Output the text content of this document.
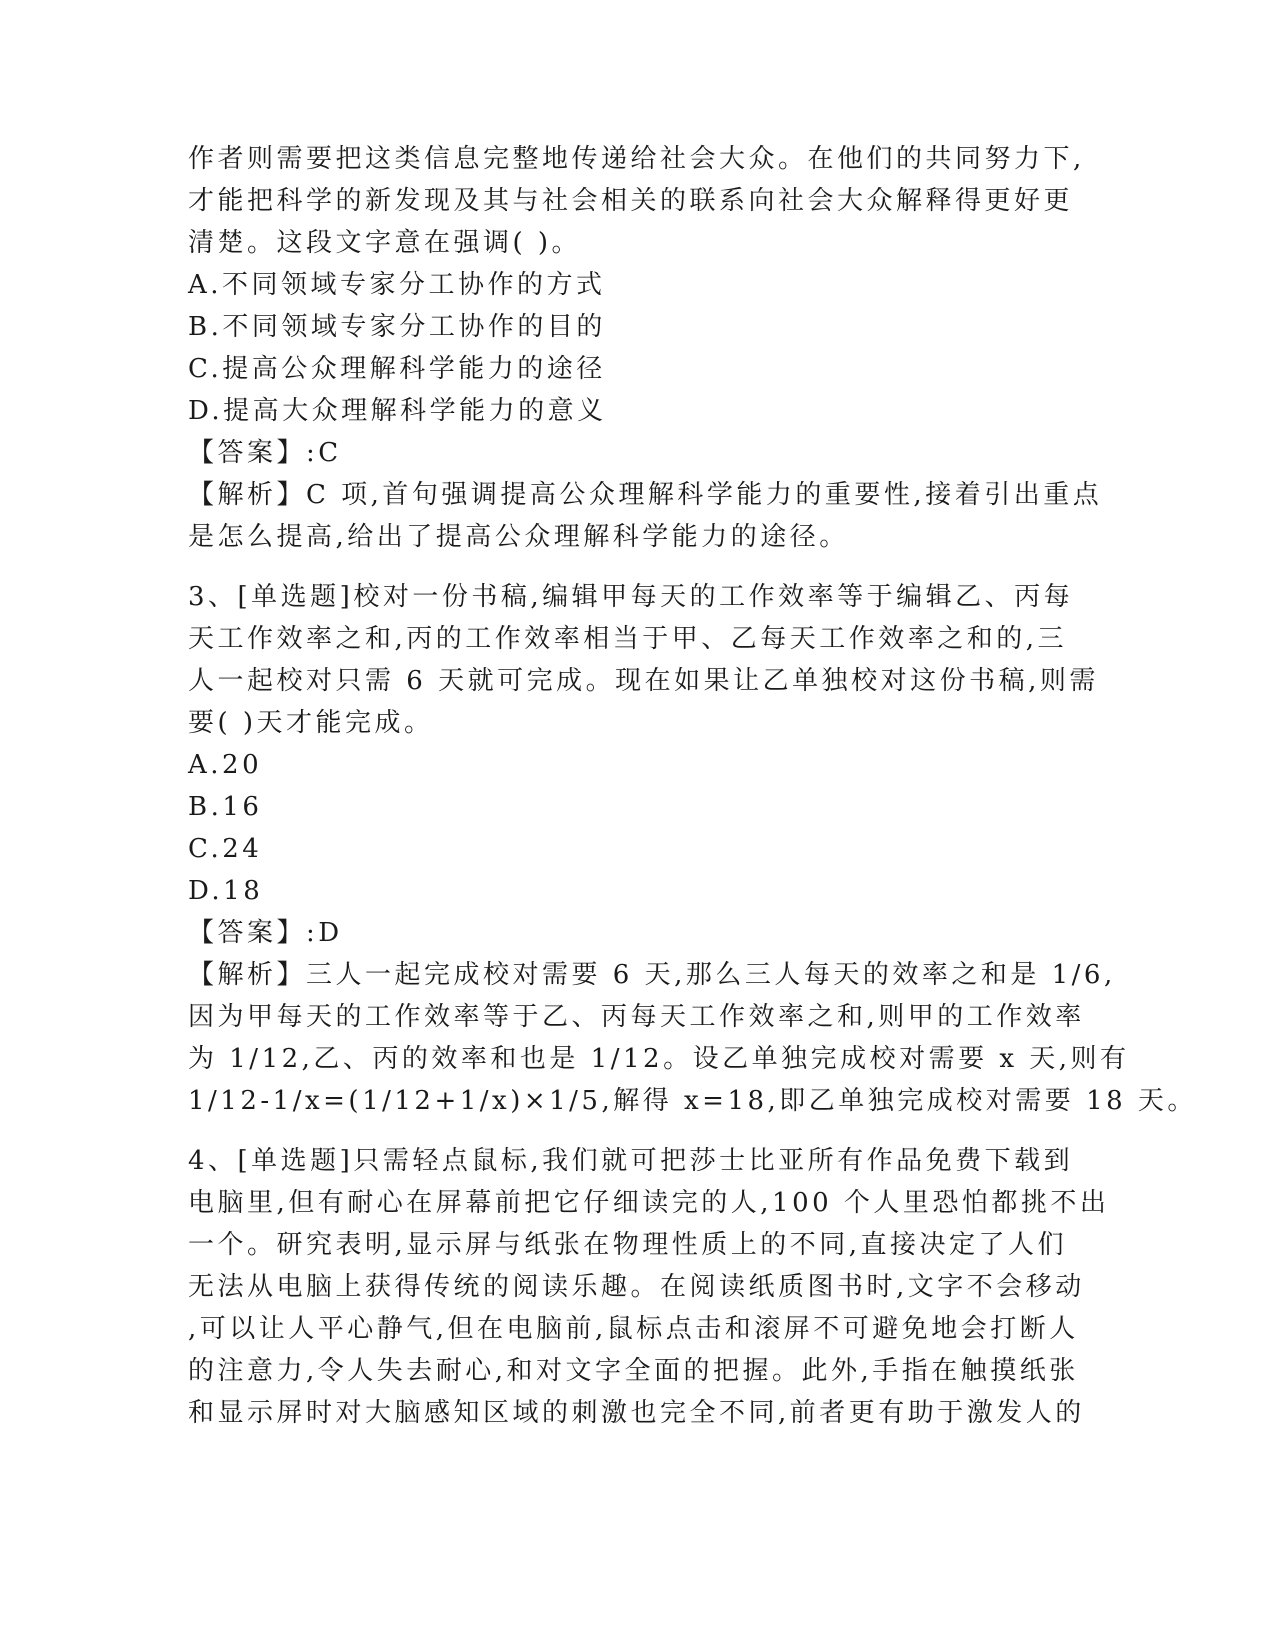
作者则需要把这类信息完整地传递给社会大众。在他们的共同努力下,
才能把科学的新发现及其与社会相关的联系向社会大众解释得更好更
清楚。这段文字意在强调( )。
A.不同领域专家分工协作的方式
B.不同领域专家分工协作的目的
C.提高公众理解科学能力的途径
D.提高大众理解科学能力的意义
【答案】:C
【解析】C 项,首句强调提高公众理解科学能力的重要性,接着引出重点
是怎么提高,给出了提高公众理解科学能力的途径。
3、[单选题]校对一份书稿,编辑甲每天的工作效率等于编辑乙、丙每
天工作效率之和,丙的工作效率相当于甲、乙每天工作效率之和的,三
人一起校对只需 6 天就可完成。现在如果让乙单独校对这份书稿,则需
要( )天才能完成。
A.20
B.16
C.24
D.18
【答案】:D
【解析】三人一起完成校对需要 6 天,那么三人每天的效率之和是 1/6,
因为甲每天的工作效率等于乙、丙每天工作效率之和,则甲的工作效率
为 1/12,乙、丙的效率和也是 1/12。设乙单独完成校对需要 x 天,则有
1/12-1/x=(1/12+1/x)×1/5,解得 x=18,即乙单独完成校对需要 18 天。
4、[单选题]只需轻点鼠标,我们就可把莎士比亚所有作品免费下载到
电脑里,但有耐心在屏幕前把它仔细读完的人,100 个人里恐怕都挑不出
一个。研究表明,显示屏与纸张在物理性质上的不同,直接决定了人们
无法从电脑上获得传统的阅读乐趣。在阅读纸质图书时,文字不会移动
,可以让人平心静气,但在电脑前,鼠标点击和滚屏不可避免地会打断人
的注意力,令人失去耐心,和对文字全面的把握。此外,手指在触摸纸张
和显示屏时对大脑感知区域的刺激也完全不同,前者更有助于激发人的
